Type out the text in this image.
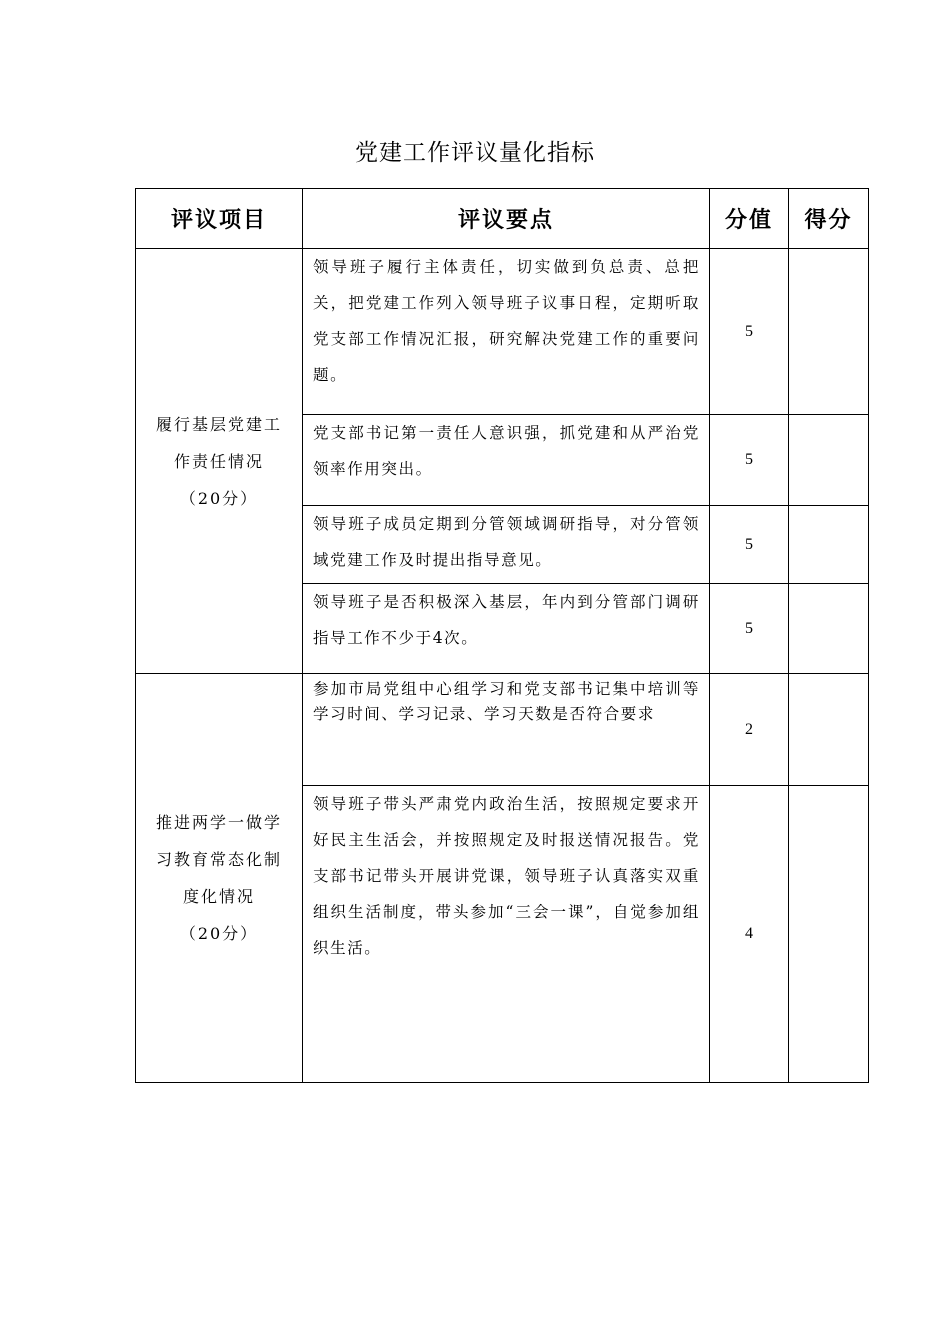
党建工作评议量化指标
评议项目	评议要点	分值	得分

履行基层党建工
作责任情况
（20分）	领导班子履行主体责任，切实做到负总责、总把关，把党建工作列入领导班子议事日程，定期听取党支部工作情况汇报，研究解决党建工作的重要问题。	5	
	党支部书记第一责任人意识强，抓党建和从严治党领率作用突出。	5	
	领导班子成员定期到分管领域调研指导，对分管领域党建工作及时提出指导意见。	5	
	领导班子是否积极深入基层，年内到分管部门调研指导工作不少于4次。	5	

推进两学一做学
习教育常态化制
度化情况
（20分）	参加市局党组中心组学习和党支部书记集中培训等学习时间、学习记录、学习天数是否符合要求	2	
	领导班子带头严肃党内政治生活，按照规定要求开好民主生活会，并按照规定及时报送情况报告。党支部书记带头开展讲党课，领导班子认真落实双重组织生活制度，带头参加“三会一课”，自觉参加组织生活。	4	
